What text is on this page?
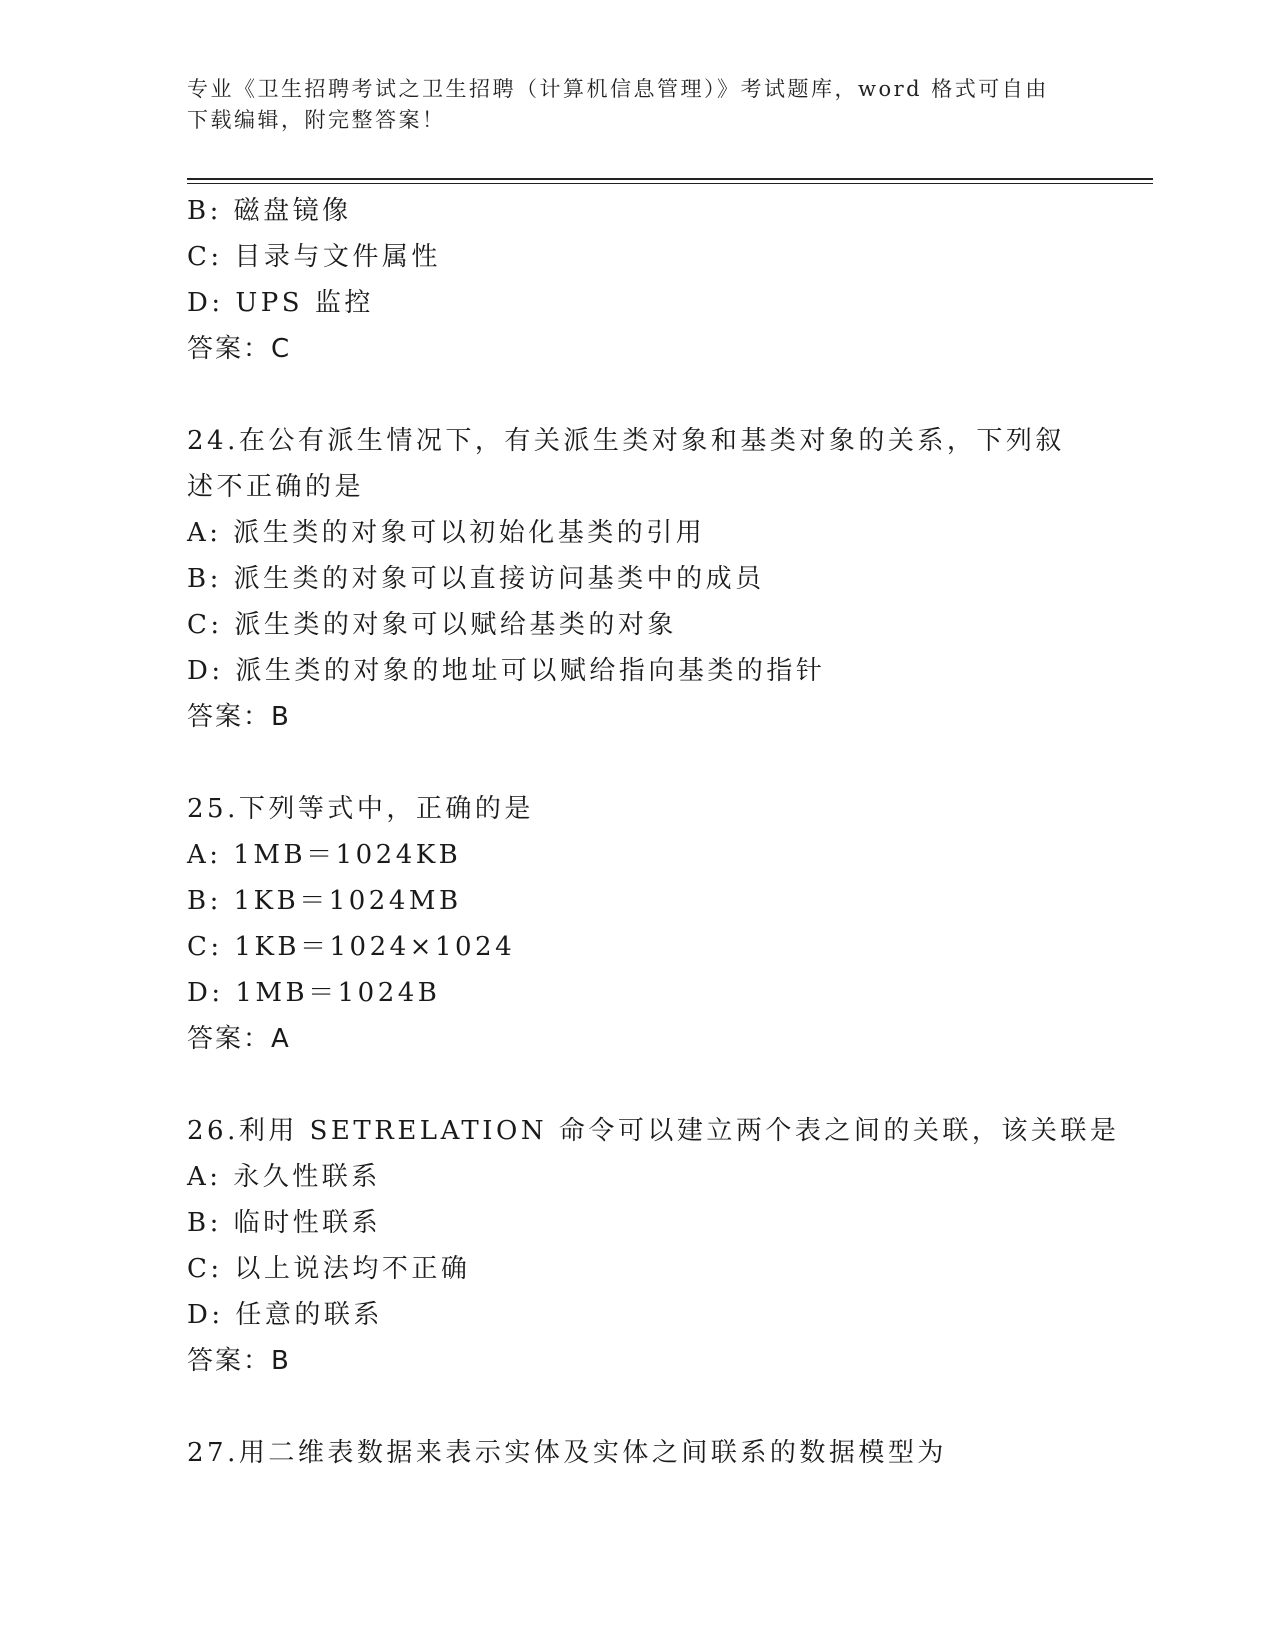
专业《卫生招聘考试之卫生招聘（计算机信息管理）》考试题库，word 格式可自由下载编辑，附完整答案！
B: 磁盘镜像
C: 目录与文件属性
D: UPS 监控
答案：C
24.在公有派生情况下，有关派生类对象和基类对象的关系，下列叙述不正确的是
A: 派生类的对象可以初始化基类的引用
B: 派生类的对象可以直接访问基类中的成员
C: 派生类的对象可以赋给基类的对象
D: 派生类的对象的地址可以赋给指向基类的指针
答案：B
25.下列等式中，正确的是
A: 1MB＝1024KB
B: 1KB＝1024MB
C: 1KB＝1024×1024
D: 1MB＝1024B
答案：A
26.利用 SETRELATION 命令可以建立两个表之间的关联，该关联是
A: 永久性联系
B: 临时性联系
C: 以上说法均不正确
D: 任意的联系
答案：B
27.用二维表数据来表示实体及实体之间联系的数据模型为
